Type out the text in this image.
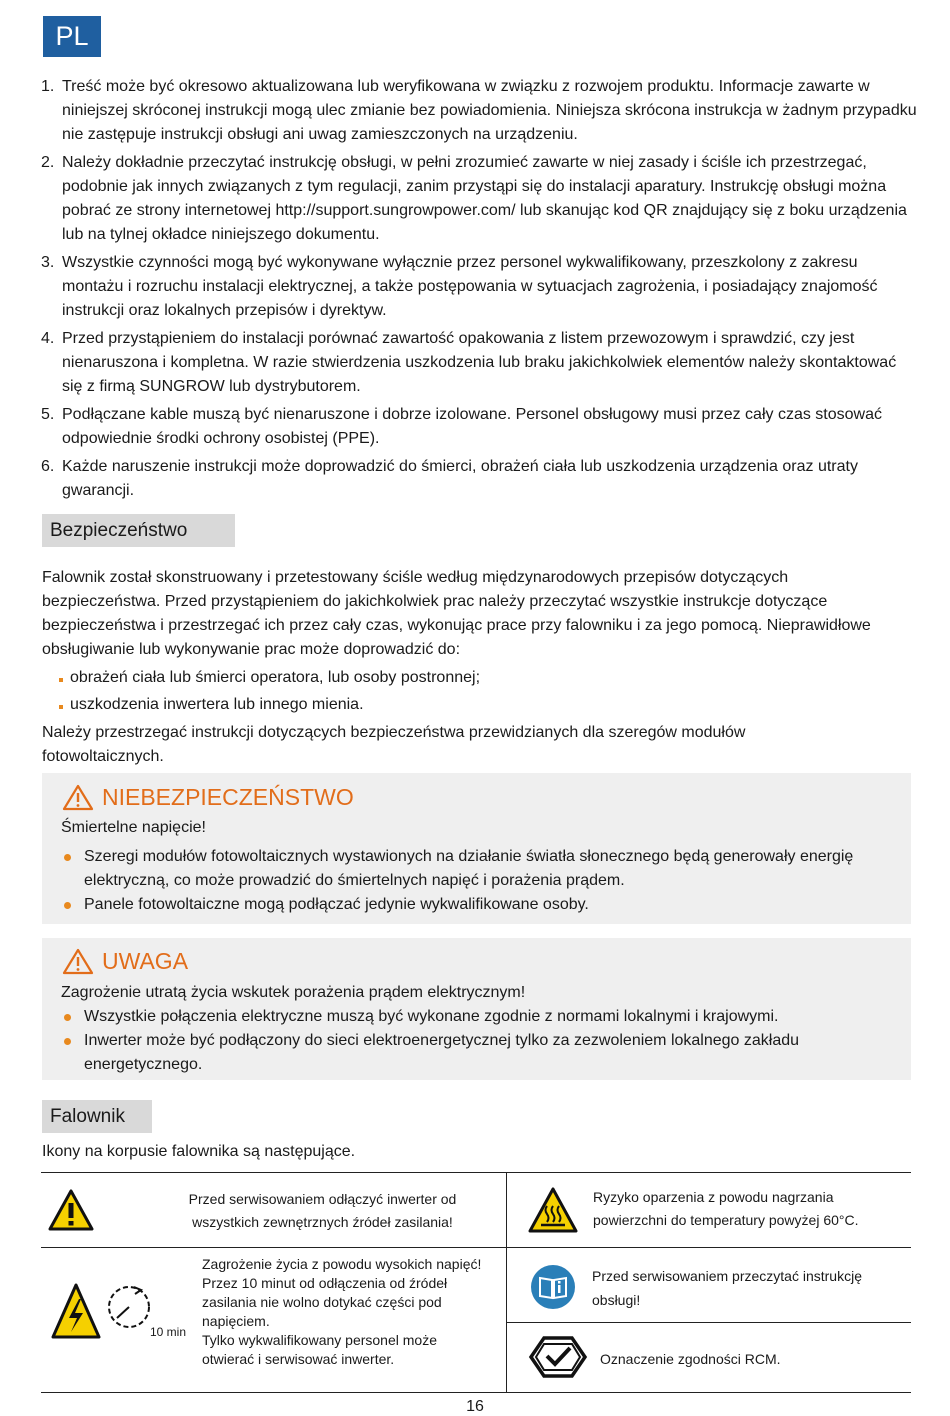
PL
1. Treść może być okresowo aktualizowana lub weryfikowana w związku z rozwojem produktu. Informacje zawarte w niniejszej skróconej instrukcji mogą ulec zmianie bez powiadomienia. Niniejsza skrócona instrukcja w żadnym przypadku nie zastępuje instrukcji obsługi ani uwag zamieszczonych na urządzeniu.
2. Należy dokładnie przeczytać instrukcję obsługi, w pełni zrozumieć zawarte w niej zasady i ściśle ich przestrzegać, podobnie jak innych związanych z tym regulacji, zanim przystąpi się do instalacji aparatury. Instrukcję obsługi można pobrać ze strony internetowej http://support.sungrowpower.com/ lub skanując kod QR znajdujący się z boku urządzenia lub na tylnej okładce niniejszego dokumentu.
3. Wszystkie czynności mogą być wykonywane wyłącznie przez personel wykwalifikowany, przeszkolony z zakresu montażu i rozruchu instalacji elektrycznej, a także postępowania w sytuacjach zagrożenia, i posiadający znajomość instrukcji oraz lokalnych przepisów i dyrektyw.
4. Przed przystąpieniem do instalacji porównać zawartość opakowania z listem przewozowym i sprawdzić, czy jest nienaruszona i kompletna. W razie stwierdzenia uszkodzenia lub braku jakichkolwiek elementów należy skontaktować się z firmą SUNGROW lub dystrybutorem.
5. Podłączane kable muszą być nienaruszone i dobrze izolowane. Personel obsługowy musi przez cały czas stosować odpowiednie środki ochrony osobistej (PPE).
6. Każde naruszenie instrukcji może doprowadzić do śmierci, obrażeń ciała lub uszkodzenia urządzenia oraz utraty gwarancji.
Bezpieczeństwo

Falownik został skonstruowany i przetestowany ściśle według międzynarodowych przepisów dotyczących bezpieczeństwa. Przed przystąpieniem do jakichkolwiek prac należy przeczytać wszystkie instrukcje dotyczące bezpieczeństwa i przestrzegać ich przez cały czas, wykonując prace przy falowniku i za jego pomocą. Nieprawidłowe obsługiwanie lub wykonywanie prac może doprowadzić do:

obrażeń ciała lub śmierci operatora, lub osoby postronnej;
uszkodzenia inwertera lub innego mienia.

Należy przestrzegać instrukcji dotyczących bezpieczeństwa przewidzianych dla szeregów modułów fotowoltaicznych.

NIEBEZPIECZEŃSTWO
Śmiertelne napięcie!
Szeregi modułów fotowoltaicznych wystawionych na działanie światła słonecznego będą generowały energię elektryczną, co może prowadzić do śmiertelnych napięć i porażenia prądem.
Panele fotowoltaiczne mogą podłączać jedynie wykwalifikowane osoby.
UWAGA
Zagrożenie utratą życia wskutek porażenia prądem elektrycznym!
Wszystkie połączenia elektryczne muszą być wykonane zgodnie z normami lokalnymi i krajowymi.
Inwerter może być podłączony do sieci elektroenergetycznej tylko za zezwoleniem lokalnego zakładu energetycznego.
Falownik

Ikony na korpusie falownika są następujące.

Przed serwisowaniem odłączyć inwerter od wszystkich zewnętrznych źródeł zasilania!
Ryzyko oparzenia z powodu nagrzania powierzchni do temperatury powyżej 60°C.
10 min
Zagrożenie życia z powodu wysokich napięć!
Przez 10 minut od odłączenia od źródeł zasilania nie wolno dotykać części pod napięciem.
Tylko wykwalifikowany personel może otwierać i serwisować inwerter.
Przed serwisowaniem przeczytać instrukcję obsługi!
Oznaczenie zgodności RCM.
16
